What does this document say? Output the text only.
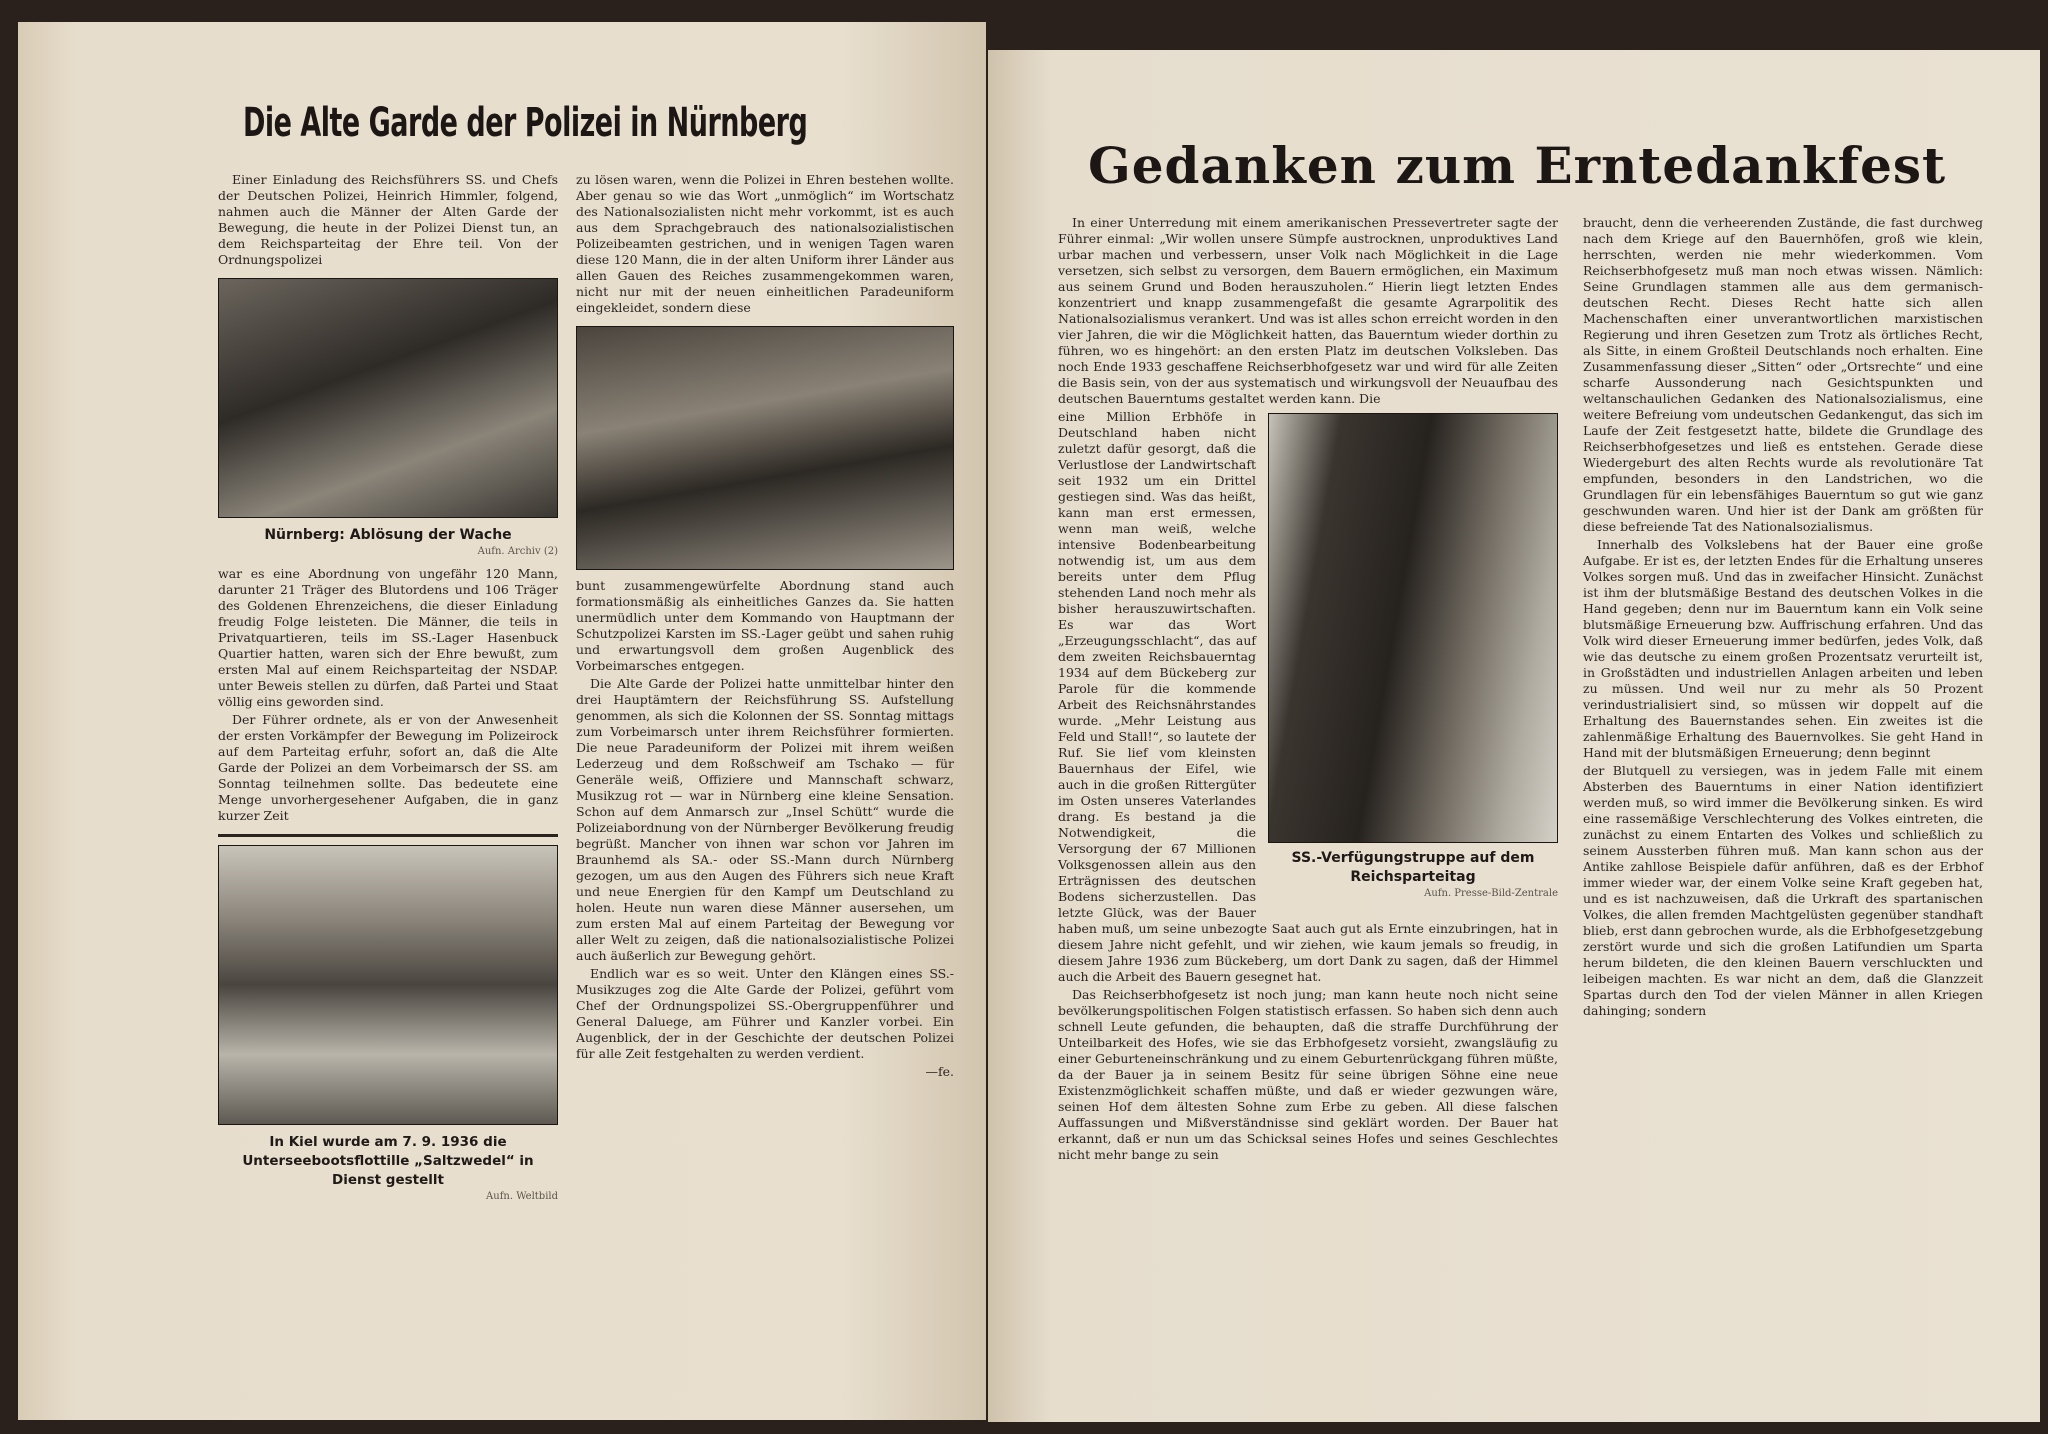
Die Alte Garde der Polizei in Nürnberg

Einer Einladung des Reichsführers SS. und Chefs der Deutschen Polizei, Heinrich Himmler, folgend, nahmen auch die Männer der Alten Garde der Bewegung, die heute in der Polizei Dienst tun, an dem Reichsparteitag der Ehre teil. Von der Ordnungspolizei

Nürnberg: Ablösung der Wache
Aufn. Archiv (2)

war es eine Abordnung von ungefähr 120 Mann, darunter 21 Träger des Blutordens und 106 Träger des Goldenen Ehrenzeichens, die dieser Einladung freudig Folge leisteten. Die Männer, die teils in Privatquartieren, teils im SS.-Lager Hasenbuck Quartier hatten, waren sich der Ehre bewußt, zum ersten Mal auf einem Reichsparteitag der NSDAP. unter Beweis stellen zu dürfen, daß Partei und Staat völlig eins geworden sind.

Der Führer ordnete, als er von der Anwesenheit der ersten Vorkämpfer der Bewegung im Polizeirock auf dem Parteitag erfuhr, sofort an, daß die Alte Garde der Polizei an dem Vorbeimarsch der SS. am Sonntag teilnehmen sollte. Das bedeutete eine Menge unvorhergesehener Aufgaben, die in ganz kurzer Zeit

In Kiel wurde am 7. 9. 1936 die Unterseebootsflottille „Saltzwedel“ in Dienst gestellt
Aufn. Weltbild

zu lösen waren, wenn die Polizei in Ehren bestehen wollte. Aber genau so wie das Wort „unmöglich“ im Wortschatz des Nationalsozialisten nicht mehr vorkommt, ist es auch aus dem Sprachgebrauch des nationalsozialistischen Polizeibeamten gestrichen, und in wenigen Tagen waren diese 120 Mann, die in der alten Uniform ihrer Länder aus allen Gauen des Reiches zusammengekommen waren, nicht nur mit der neuen einheitlichen Paradeuniform eingekleidet, sondern diese

bunt zusammengewürfelte Abordnung stand auch formationsmäßig als einheitliches Ganzes da. Sie hatten unermüdlich unter dem Kommando von Hauptmann der Schutzpolizei Karsten im SS.-Lager geübt und sahen ruhig und erwartungsvoll dem großen Augenblick des Vorbeimarsches entgegen.

Die Alte Garde der Polizei hatte unmittelbar hinter den drei Hauptämtern der Reichsführung SS. Aufstellung genommen, als sich die Kolonnen der SS. Sonntag mittags zum Vorbeimarsch unter ihrem Reichsführer formierten. Die neue Paradeuniform der Polizei mit ihrem weißen Lederzeug und dem Roßschweif am Tschako — für Generäle weiß, Offiziere und Mannschaft schwarz, Musikzug rot — war in Nürnberg eine kleine Sensation. Schon auf dem Anmarsch zur „Insel Schütt“ wurde die Polizeiabordnung von der Nürnberger Bevölkerung freudig begrüßt. Mancher von ihnen war schon vor Jahren im Braunhemd als SA.- oder SS.-Mann durch Nürnberg gezogen, um aus den Augen des Führers sich neue Kraft und neue Energien für den Kampf um Deutschland zu holen. Heute nun waren diese Männer ausersehen, um zum ersten Mal auf einem Parteitag der Bewegung vor aller Welt zu zeigen, daß die nationalsozialistische Polizei auch äußerlich zur Bewegung gehört.

Endlich war es so weit. Unter den Klängen eines SS.-Musikzuges zog die Alte Garde der Polizei, geführt vom Chef der Ordnungspolizei SS.-Obergruppenführer und General Daluege, am Führer und Kanzler vorbei. Ein Augenblick, der in der Geschichte der deutschen Polizei für alle Zeit festgehalten zu werden verdient.

—fe.

Gedanken zum Erntedankfest

In einer Unterredung mit einem amerikanischen Pressevertreter sagte der Führer einmal: „Wir wollen unsere Sümpfe austrocknen, unproduktives Land urbar machen und verbessern, unser Volk nach Möglichkeit in die Lage versetzen, sich selbst zu versorgen, dem Bauern ermöglichen, ein Maximum aus seinem Grund und Boden herauszuholen.“ Hierin liegt letzten Endes konzentriert und knapp zusammengefaßt die gesamte Agrarpolitik des Nationalsozialismus verankert. Und was ist alles schon erreicht worden in den vier Jahren, die wir die Möglichkeit hatten, das Bauerntum wieder dorthin zu führen, wo es hingehört: an den ersten Platz im deutschen Volksleben. Das noch Ende 1933 geschaffene Reichserbhofgesetz war und wird für alle Zeiten die Basis sein, von der aus systematisch und wirkungsvoll der Neuaufbau des deutschen Bauerntums gestaltet werden kann. Die

SS.-Verfügungstruppe auf dem Reichsparteitag
Aufn. Presse-Bild-Zentrale

eine Million Erbhöfe in Deutschland haben nicht zuletzt dafür gesorgt, daß die Verlustlose der Landwirtschaft seit 1932 um ein Drittel gestiegen sind. Was das heißt, kann man erst ermessen, wenn man weiß, welche intensive Bodenbearbeitung notwendig ist, um aus dem bereits unter dem Pflug stehenden Land noch mehr als bisher herauszuwirtschaften. Es war das Wort „Erzeugungsschlacht“, das auf dem zweiten Reichsbauerntag 1934 auf dem Bückeberg zur Parole für die kommende Arbeit des Reichsnährstandes wurde. „Mehr Leistung aus Feld und Stall!“, so lautete der Ruf. Sie lief vom kleinsten Bauernhaus der Eifel, wie auch in die großen Rittergüter im Osten unseres Vaterlandes drang. Es bestand ja die Notwendigkeit, die Versorgung der 67 Millionen Volksgenossen allein aus den Erträgnissen des deutschen Bodens sicherzustellen. Das letzte Glück, was der Bauer haben muß, um seine unbezogte Saat auch gut als Ernte einzubringen, hat in diesem Jahre nicht gefehlt, und wir ziehen, wie kaum jemals so freudig, in diesem Jahre 1936 zum Bückeberg, um dort Dank zu sagen, daß der Himmel auch die Arbeit des Bauern gesegnet hat.

Das Reichserbhofgesetz ist noch jung; man kann heute noch nicht seine bevölkerungspolitischen Folgen statistisch erfassen. So haben sich denn auch schnell Leute gefunden, die behaupten, daß die straffe Durchführung der Unteilbarkeit des Hofes, wie sie das Erbhofgesetz vorsieht, zwangsläufig zu einer Geburteneinschränkung und zu einem Geburtenrückgang führen müßte, da der Bauer ja in seinem Besitz für seine übrigen Söhne eine neue Existenzmöglichkeit schaffen müßte, und daß er wieder gezwungen wäre, seinen Hof dem ältesten Sohne zum Erbe zu geben. All diese falschen Auffassungen und Mißverständnisse sind geklärt worden. Der Bauer hat erkannt, daß er nun um das Schicksal seines Hofes und seines Geschlechtes nicht mehr bange zu sein

braucht, denn die verheerenden Zustände, die fast durchweg nach dem Kriege auf den Bauernhöfen, groß wie klein, herrschten, werden nie mehr wiederkommen. Vom Reichserbhofgesetz muß man noch etwas wissen. Nämlich: Seine Grundlagen stammen alle aus dem germanisch-deutschen Recht. Dieses Recht hatte sich allen Machenschaften einer unverantwortlichen marxistischen Regierung und ihren Gesetzen zum Trotz als örtliches Recht, als Sitte, in einem Großteil Deutschlands noch erhalten. Eine Zusammenfassung dieser „Sitten“ oder „Ortsrechte“ und eine scharfe Aussonderung nach Gesichtspunkten und weltanschaulichen Gedanken des Nationalsozialismus, eine weitere Befreiung vom undeutschen Gedankengut, das sich im Laufe der Zeit festgesetzt hatte, bildete die Grundlage des Reichserbhofgesetzes und ließ es entstehen. Gerade diese Wiedergeburt des alten Rechts wurde als revolutionäre Tat empfunden, besonders in den Landstrichen, wo die Grundlagen für ein lebensfähiges Bauerntum so gut wie ganz geschwunden waren. Und hier ist der Dank am größten für diese befreiende Tat des Nationalsozialismus.

Innerhalb des Volkslebens hat der Bauer eine große Aufgabe. Er ist es, der letzten Endes für die Erhaltung unseres Volkes sorgen muß. Und das in zweifacher Hinsicht. Zunächst ist ihm der blutsmäßige Bestand des deutschen Volkes in die Hand gegeben; denn nur im Bauerntum kann ein Volk seine blutsmäßige Erneuerung bzw. Auffrischung erfahren. Und das Volk wird dieser Erneuerung immer bedürfen, jedes Volk, daß wie das deutsche zu einem großen Prozentsatz verurteilt ist, in Großstädten und industriellen Anlagen arbeiten und leben zu müssen. Und weil nur zu mehr als 50 Prozent verindustrialisiert sind, so müssen wir doppelt auf die Erhaltung des Bauernstandes sehen. Ein zweites ist die zahlenmäßige Erhaltung des Bauernvolkes. Sie geht Hand in Hand mit der blutsmäßigen Erneuerung; denn beginnt

der Blutquell zu versiegen, was in jedem Falle mit einem Absterben des Bauerntums in einer Nation identifiziert werden muß, so wird immer die Bevölkerung sinken. Es wird eine rassemäßige Verschlechterung des Volkes eintreten, die zunächst zu einem Entarten des Volkes und schließlich zu seinem Aussterben führen muß. Man kann schon aus der Antike zahllose Beispiele dafür anführen, daß es der Erbhof immer wieder war, der einem Volke seine Kraft gegeben hat, und es ist nachzuweisen, daß die Urkraft des spartanischen Volkes, die allen fremden Machtgelüsten gegenüber standhaft blieb, erst dann gebrochen wurde, als die Erbhofgesetzgebung zerstört wurde und sich die großen Latifundien um Sparta herum bildeten, die den kleinen Bauern verschluckten und leibeigen machten. Es war nicht an dem, daß die Glanzzeit Spartas durch den Tod der vielen Männer in allen Kriegen dahinging; sondern
